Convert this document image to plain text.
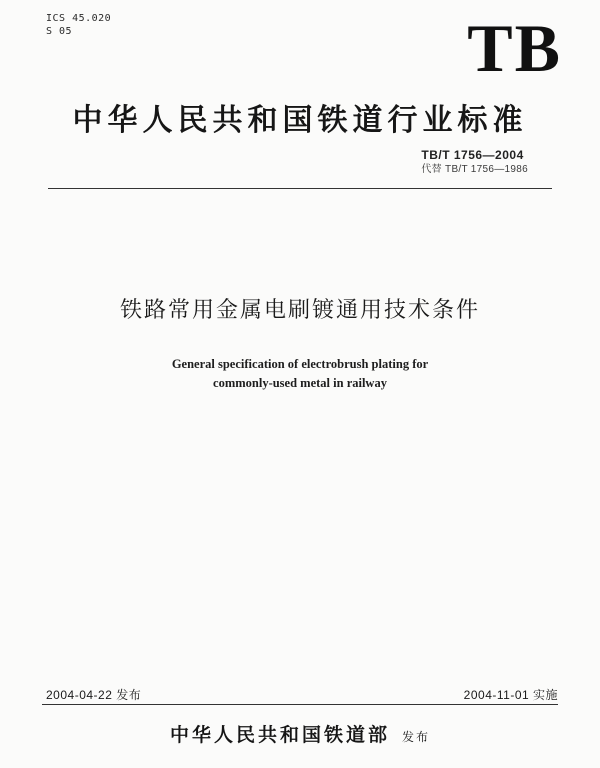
ICS 45.020
S 05	TB
中华人民共和国铁道行业标准
TB/T 1756—2004
代替 TB/T 1756—1986
铁路常用金属电刷镀通用技术条件
General specification of electrobrush plating for
commonly-used metal in railway
2004-04-22 发布	2004-11-01 实施
中华人民共和国铁道部 发布
